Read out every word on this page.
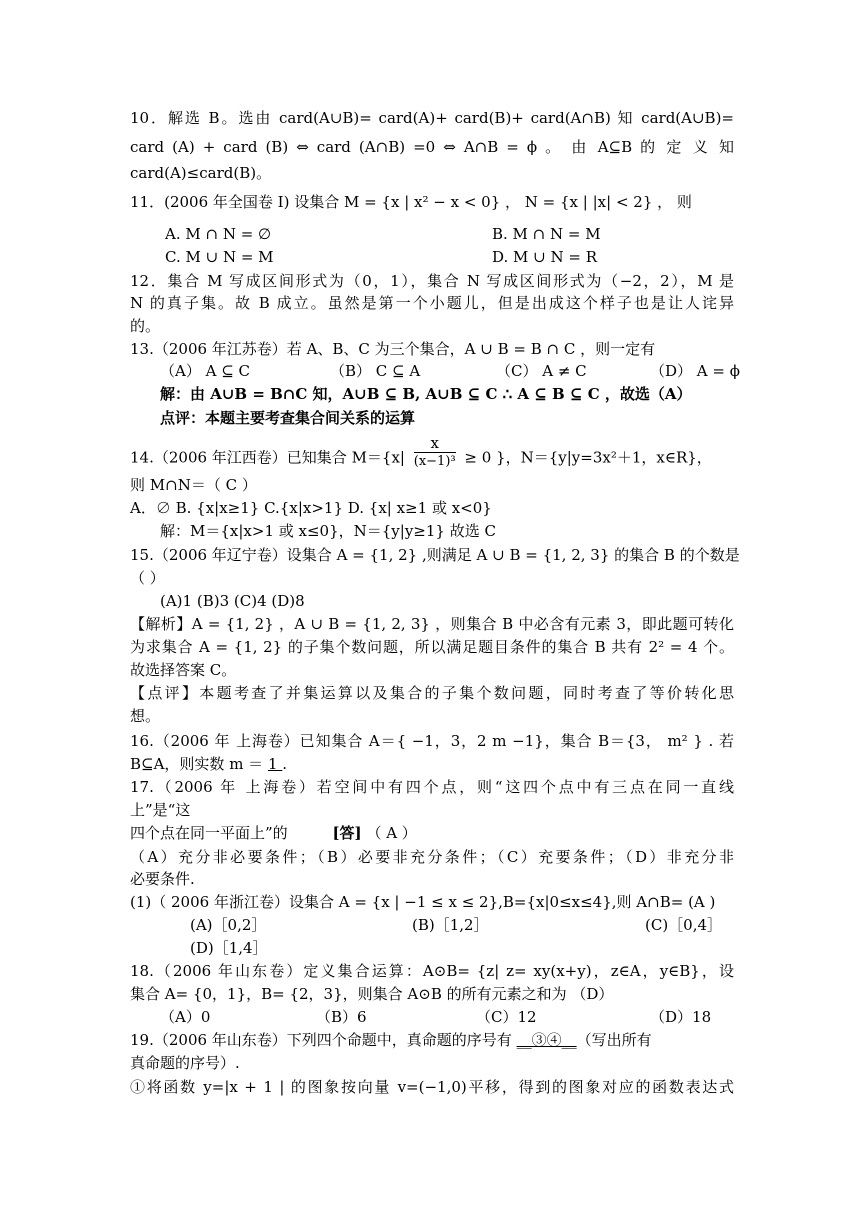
10．解选 B。选由 card(A∪B)= card(A)+ card(B)+ card(A∩B) 知 card(A∪B)=
card (A) + card (B) ⇔ card (A∩B) =0 ⇔ A∩B = ϕ 。 由 A⊆B 的 定 义 知
card(A)≤card(B)。
11．(2006 年全国卷 I) 设集合 M = {x | x² − x < 0} ， N = {x | |x| < 2} ， 则
A. M ∩ N = ∅	B. M ∩ N = M
C. M ∪ N = M	D. M ∪ N = R
12．集合 M 写成区间形式为（0，1），集合 N 写成区间形式为（−2，2），M 是
N 的真子集。故 B 成立。虽然是第一个小题儿，但是出成这个样子也是让人诧异
的。
13.（2006 年江苏卷）若 A、B、C 为三个集合，A ∪ B = B ∩ C ，则一定有
（A） A ⊆ C	（B） C ⊆ A	（C） A ≠ C	（D） A = ϕ
解：由 A∪B = B∩C 知，A∪B ⊆ B, A∪B ⊆ C ∴ A ⊆ B ⊆ C ，故选（A）
点评：本题主要考查集合间关系的运算
14.（2006 年江西卷）已知集合 $M=\{x| \frac{x}{\text{(x−1)³}} \ge 0$ }，N＝{y|y=3x²＋1，x∈R}，
则 M∩N＝（ C ）
A．∅ B. {x|x≥1} C.{x|x>1} D. {x| x≥1 或 x<0}
解：M＝{x|x>1 或 x≤0}，N＝{y|y≥1} 故选 C
15.（2006 年辽宁卷）设集合 A = {1, 2} ,则满足 A ∪ B = {1, 2, 3} 的集合 B 的个数是
（ ）
(A)1 (B)3 (C)4 (D)8
【解析】A = {1, 2} ，A ∪ B = {1, 2, 3} ，则集合 B 中必含有元素 3，即此题可转化
为求集合 A = {1, 2} 的子集个数问题，所以满足题目条件的集合 B 共有 2² = 4 个。
故选择答案 C。
【点评】本题考查了并集运算以及集合的子集个数问题，同时考查了等价转化思
想。
16.（2006 年 上海卷）已知集合 A＝{ −1，3，2 m −1}，集合 B＝{3， m² } . 若
B⊆A，则实数 m ＝ 1 .
17.（2006 年 上海卷）若空间中有四个点，则“这四个点中有三点在同一直线
上”是“这
四个点在同一平面上”的	[答] （ A ）
（A）充分非必要条件；（B）必要非充分条件；（C）充要条件；（D）非充分非
必要条件.
(1)（ 2006 年浙江卷）设集合 A = {x | −1 ≤ x ≤ 2},B={x|0≤x≤4},则 A∩B= (A )
(A)［0,2］	(B)［1,2］	(C)［0,4］
(D)［1,4］
18.（2006 年山东卷）定义集合运算：A⊙B= {z| z= xy(x+y)，z∈A，y∈B}，设
集合 A= {0，1}，B= {2，3}，则集合 A⊙B 的所有元素之和为 （D）
（A）0	（B）6	（C）12	（D）18
19.（2006 年山东卷）下列四个命题中，真命题的序号有 __③④__（写出所有
真命题的序号）.
①将函数 y=|x + 1 | 的图象按向量 v=(−1,0)平移，得到的图象对应的函数表达式
